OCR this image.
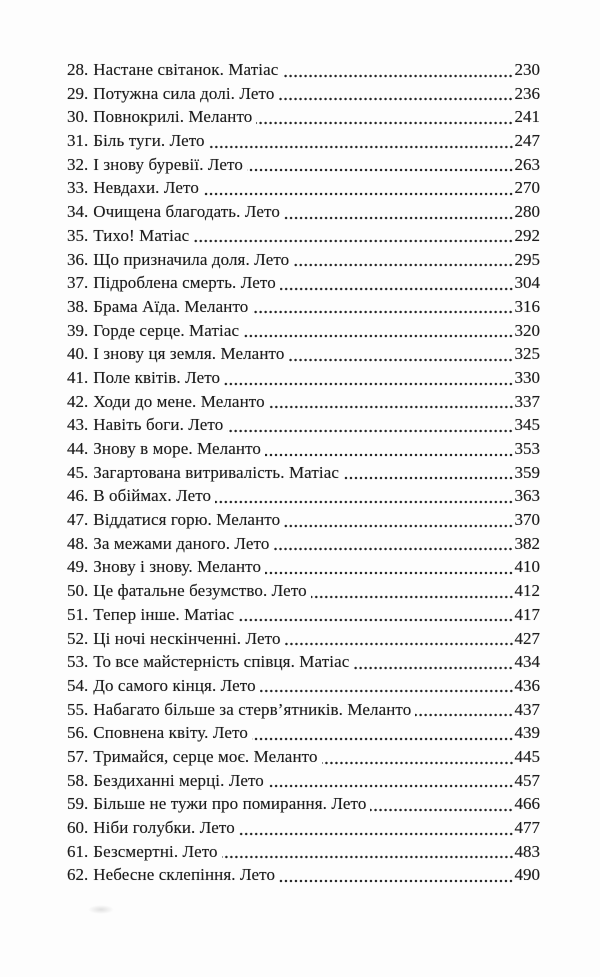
28. Настане світанок. Матіас	230
29. Потужна сила долі. Лето	236
30. Повнокрилі. Меланто	241
31. Біль туги. Лето	247
32. І знову буревії. Лето	263
33. Невдахи. Лето	270
34. Очищена благодать. Лето	280
35. Тихо! Матіас	292
36. Що призначила доля. Лето	295
37. Підроблена смерть. Лето	304
38. Брама Аїда. Меланто	316
39. Горде серце. Матіас	320
40. І знову ця земля. Меланто	325
41. Поле квітів. Лето	330
42. Ходи до мене. Меланто	337
43. Навіть боги. Лето	345
44. Знову в море. Меланто	353
45. Загартована витривалість. Матіас	359
46. В обіймах. Лето	363
47. Віддатися горю. Меланто	370
48. За межами даного. Лето	382
49. Знову і знову. Меланто	410
50. Це фатальне безумство. Лето	412
51. Тепер інше. Матіас	417
52. Ці ночі нескінченні. Лето	427
53. То все майстерність співця. Матіас	434
54. До самого кінця. Лето	436
55. Набагато більше за стерв’ятників. Меланто	437
56. Сповнена квіту. Лето	439
57. Тримайся, серце моє. Меланто	445
58. Бездиханні мерці. Лето	457
59. Більше не тужи про помирання. Лето	466
60. Ніби голубки. Лето	477
61. Безсмертні. Лето	483
62. Небесне склепіння. Лето	490
